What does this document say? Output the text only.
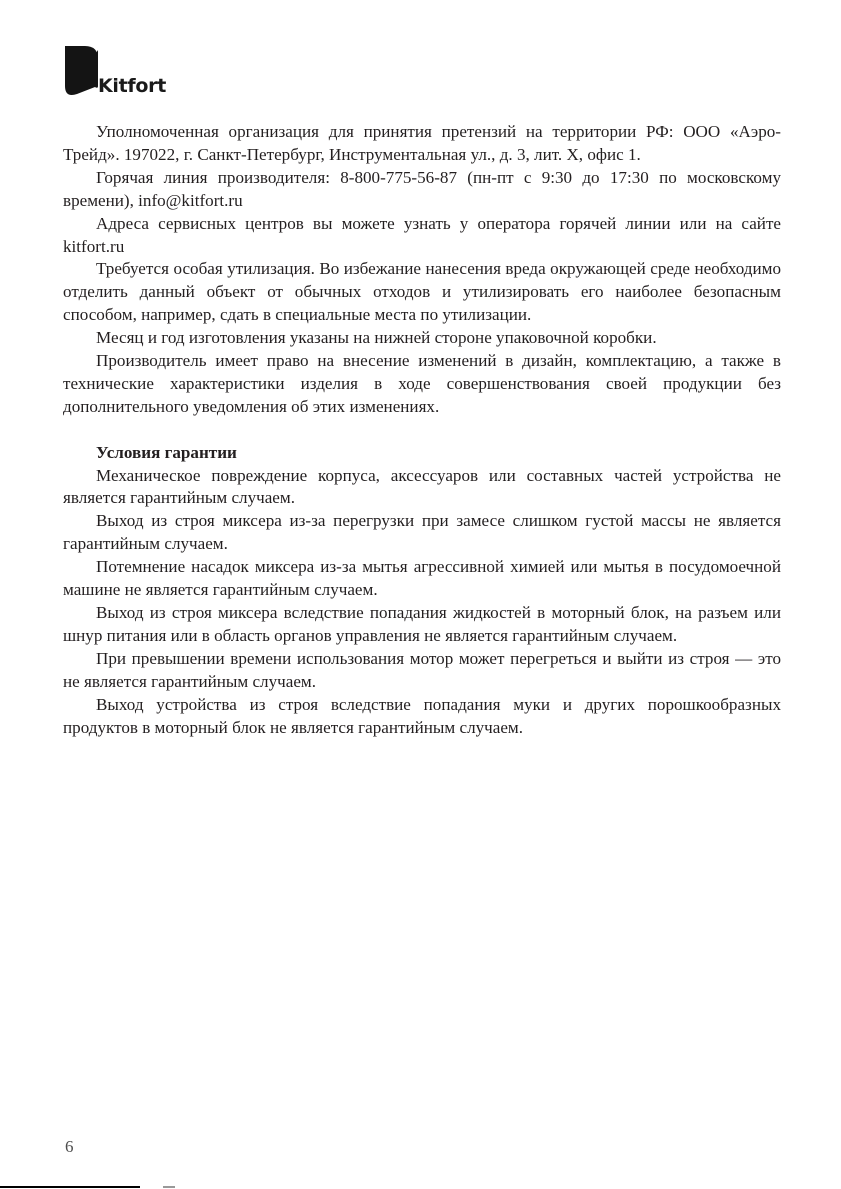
Kitfort

Уполномоченная организация для принятия претензий на территории РФ: ООО «Аэро-Трейд». 197022, г. Санкт-Петербург, Инструментальная ул., д. 3, лит. Х, офис 1.

Горячая линия производителя: 8-800-775-56-87 (пн-пт с 9:30 до 17:30 по московскому времени), info@kitfort.ru

Адреса сервисных центров вы можете узнать у оператора горячей линии или на сайте kitfort.ru

Требуется особая утилизация. Во избежание нанесения вреда окружающей среде необходимо отделить данный объект от обычных отходов и утилизировать его наиболее безопасным способом, например, сдать в специальные места по утилизации.

Месяц и год изготовления указаны на нижней стороне упаковочной коробки.

Производитель имеет право на внесение изменений в дизайн, комплектацию, а также в технические характеристики изделия в ходе совершенствования своей продукции без дополнительного уведомления об этих изменениях.

Условия гарантии

Механическое повреждение корпуса, аксессуаров или составных частей устройства не является гарантийным случаем.

Выход из строя миксера из-за перегрузки при замесе слишком густой массы не является гарантийным случаем.

Потемнение насадок миксера из-за мытья агрессивной химией или мытья в посудомоечной машине не является гарантийным случаем.

Выход из строя миксера вследствие попадания жидкостей в моторный блок, на разъем или шнур питания или в область органов управления не является гарантийным случаем.

При превышении времени использования мотор может перегреться и выйти из строя — это не является гарантийным случаем.

Выход устройства из строя вследствие попадания муки и других порошкообразных продуктов в моторный блок не является гарантийным случаем.

6
